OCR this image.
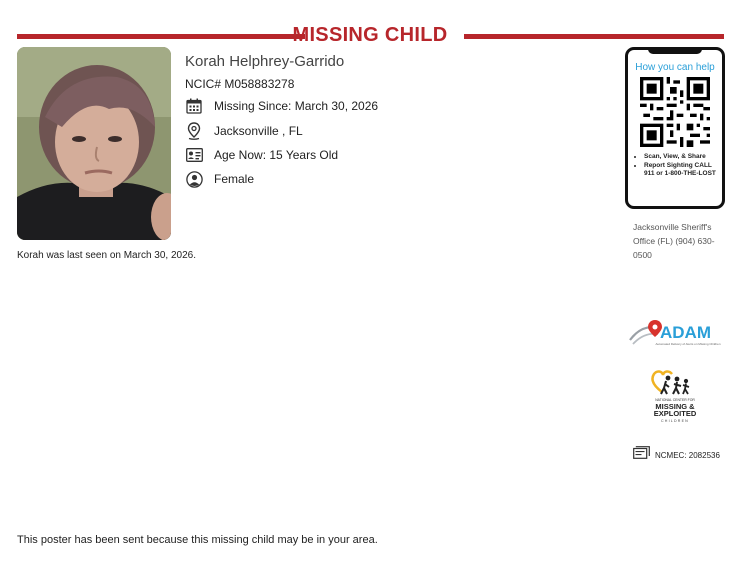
MISSING CHILD
Korah Helphrey-Garrido
NCIC# M058883278
Missing Since: March 30, 2026
Jacksonville , FL
Age Now: 15 Years Old
Female
Korah was last seen on March 30, 2026.
How you can help
• Scan, View, & Share
• Report Sighting CALL 911 or 1-800-THE-LOST
Jacksonville Sheriff's Office (FL) (904) 630-0500
ADAM
Automated Delivery of Alerts on Missing Children
NATIONAL CENTER FOR
MISSING &
EXPLOITED
CHILDREN
NCMEC: 2082536
This poster has been sent because this missing child may be in your area.
